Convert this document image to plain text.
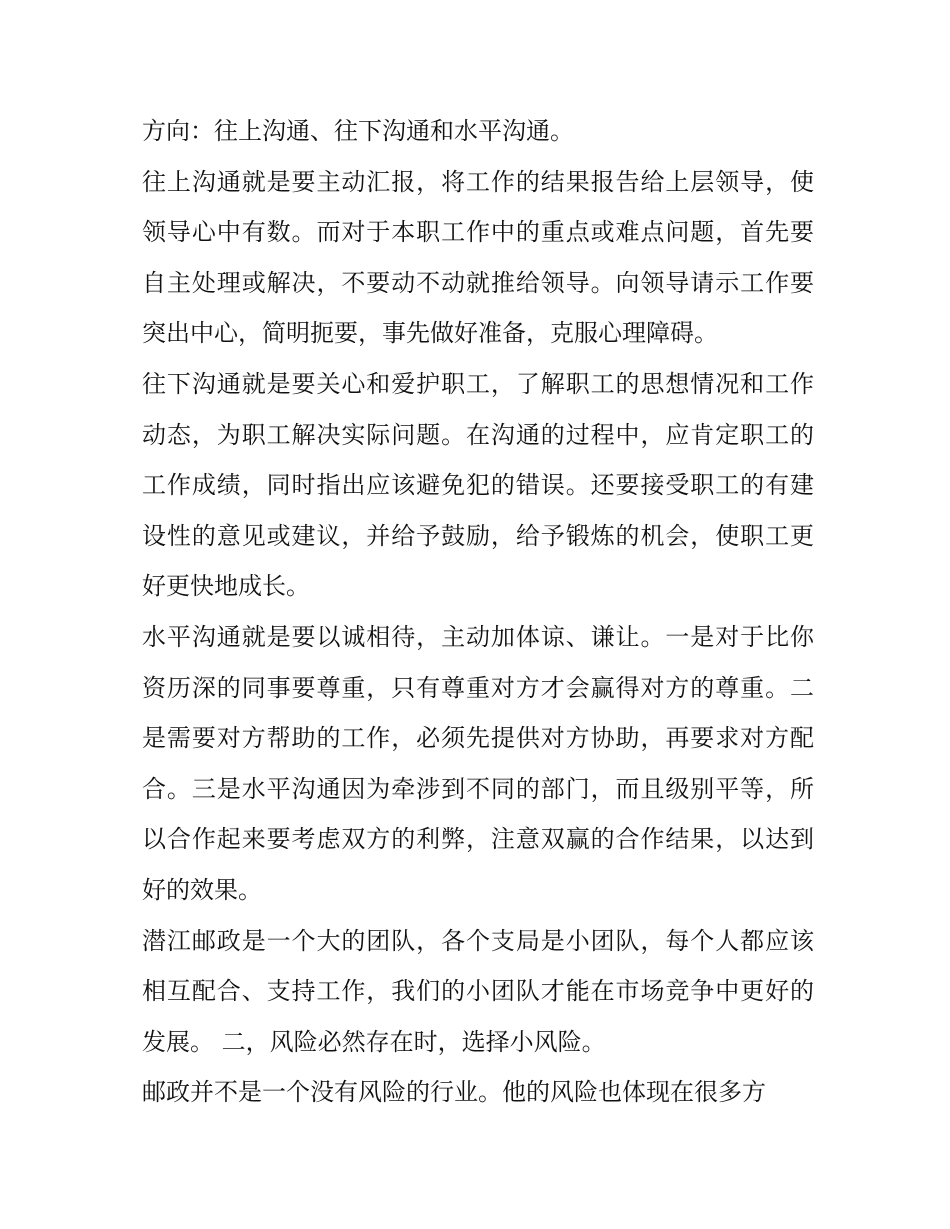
方向：往上沟通、往下沟通和水平沟通。
往上沟通就是要主动汇报，将工作的结果报告给上层领导，使
领导心中有数。而对于本职工作中的重点或难点问题，首先要
自主处理或解决，不要动不动就推给领导。向领导请示工作要
突出中心，简明扼要，事先做好准备，克服心理障碍。
往下沟通就是要关心和爱护职工，了解职工的思想情况和工作
动态，为职工解决实际问题。在沟通的过程中，应肯定职工的
工作成绩，同时指出应该避免犯的错误。还要接受职工的有建
设性的意见或建议，并给予鼓励，给予锻炼的机会，使职工更
好更快地成长。
水平沟通就是要以诚相待，主动加体谅、谦让。一是对于比你
资历深的同事要尊重，只有尊重对方才会赢得对方的尊重。二
是需要对方帮助的工作，必须先提供对方协助，再要求对方配
合。三是水平沟通因为牵涉到不同的部门，而且级别平等，所
以合作起来要考虑双方的利弊，注意双赢的合作结果，以达到
好的效果。
潜江邮政是一个大的团队，各个支局是小团队，每个人都应该
相互配合、支持工作，我们的小团队才能在市场竞争中更好的
发展。 二，风险必然存在时，选择小风险。
邮政并不是一个没有风险的行业。他的风险也体现在很多方
